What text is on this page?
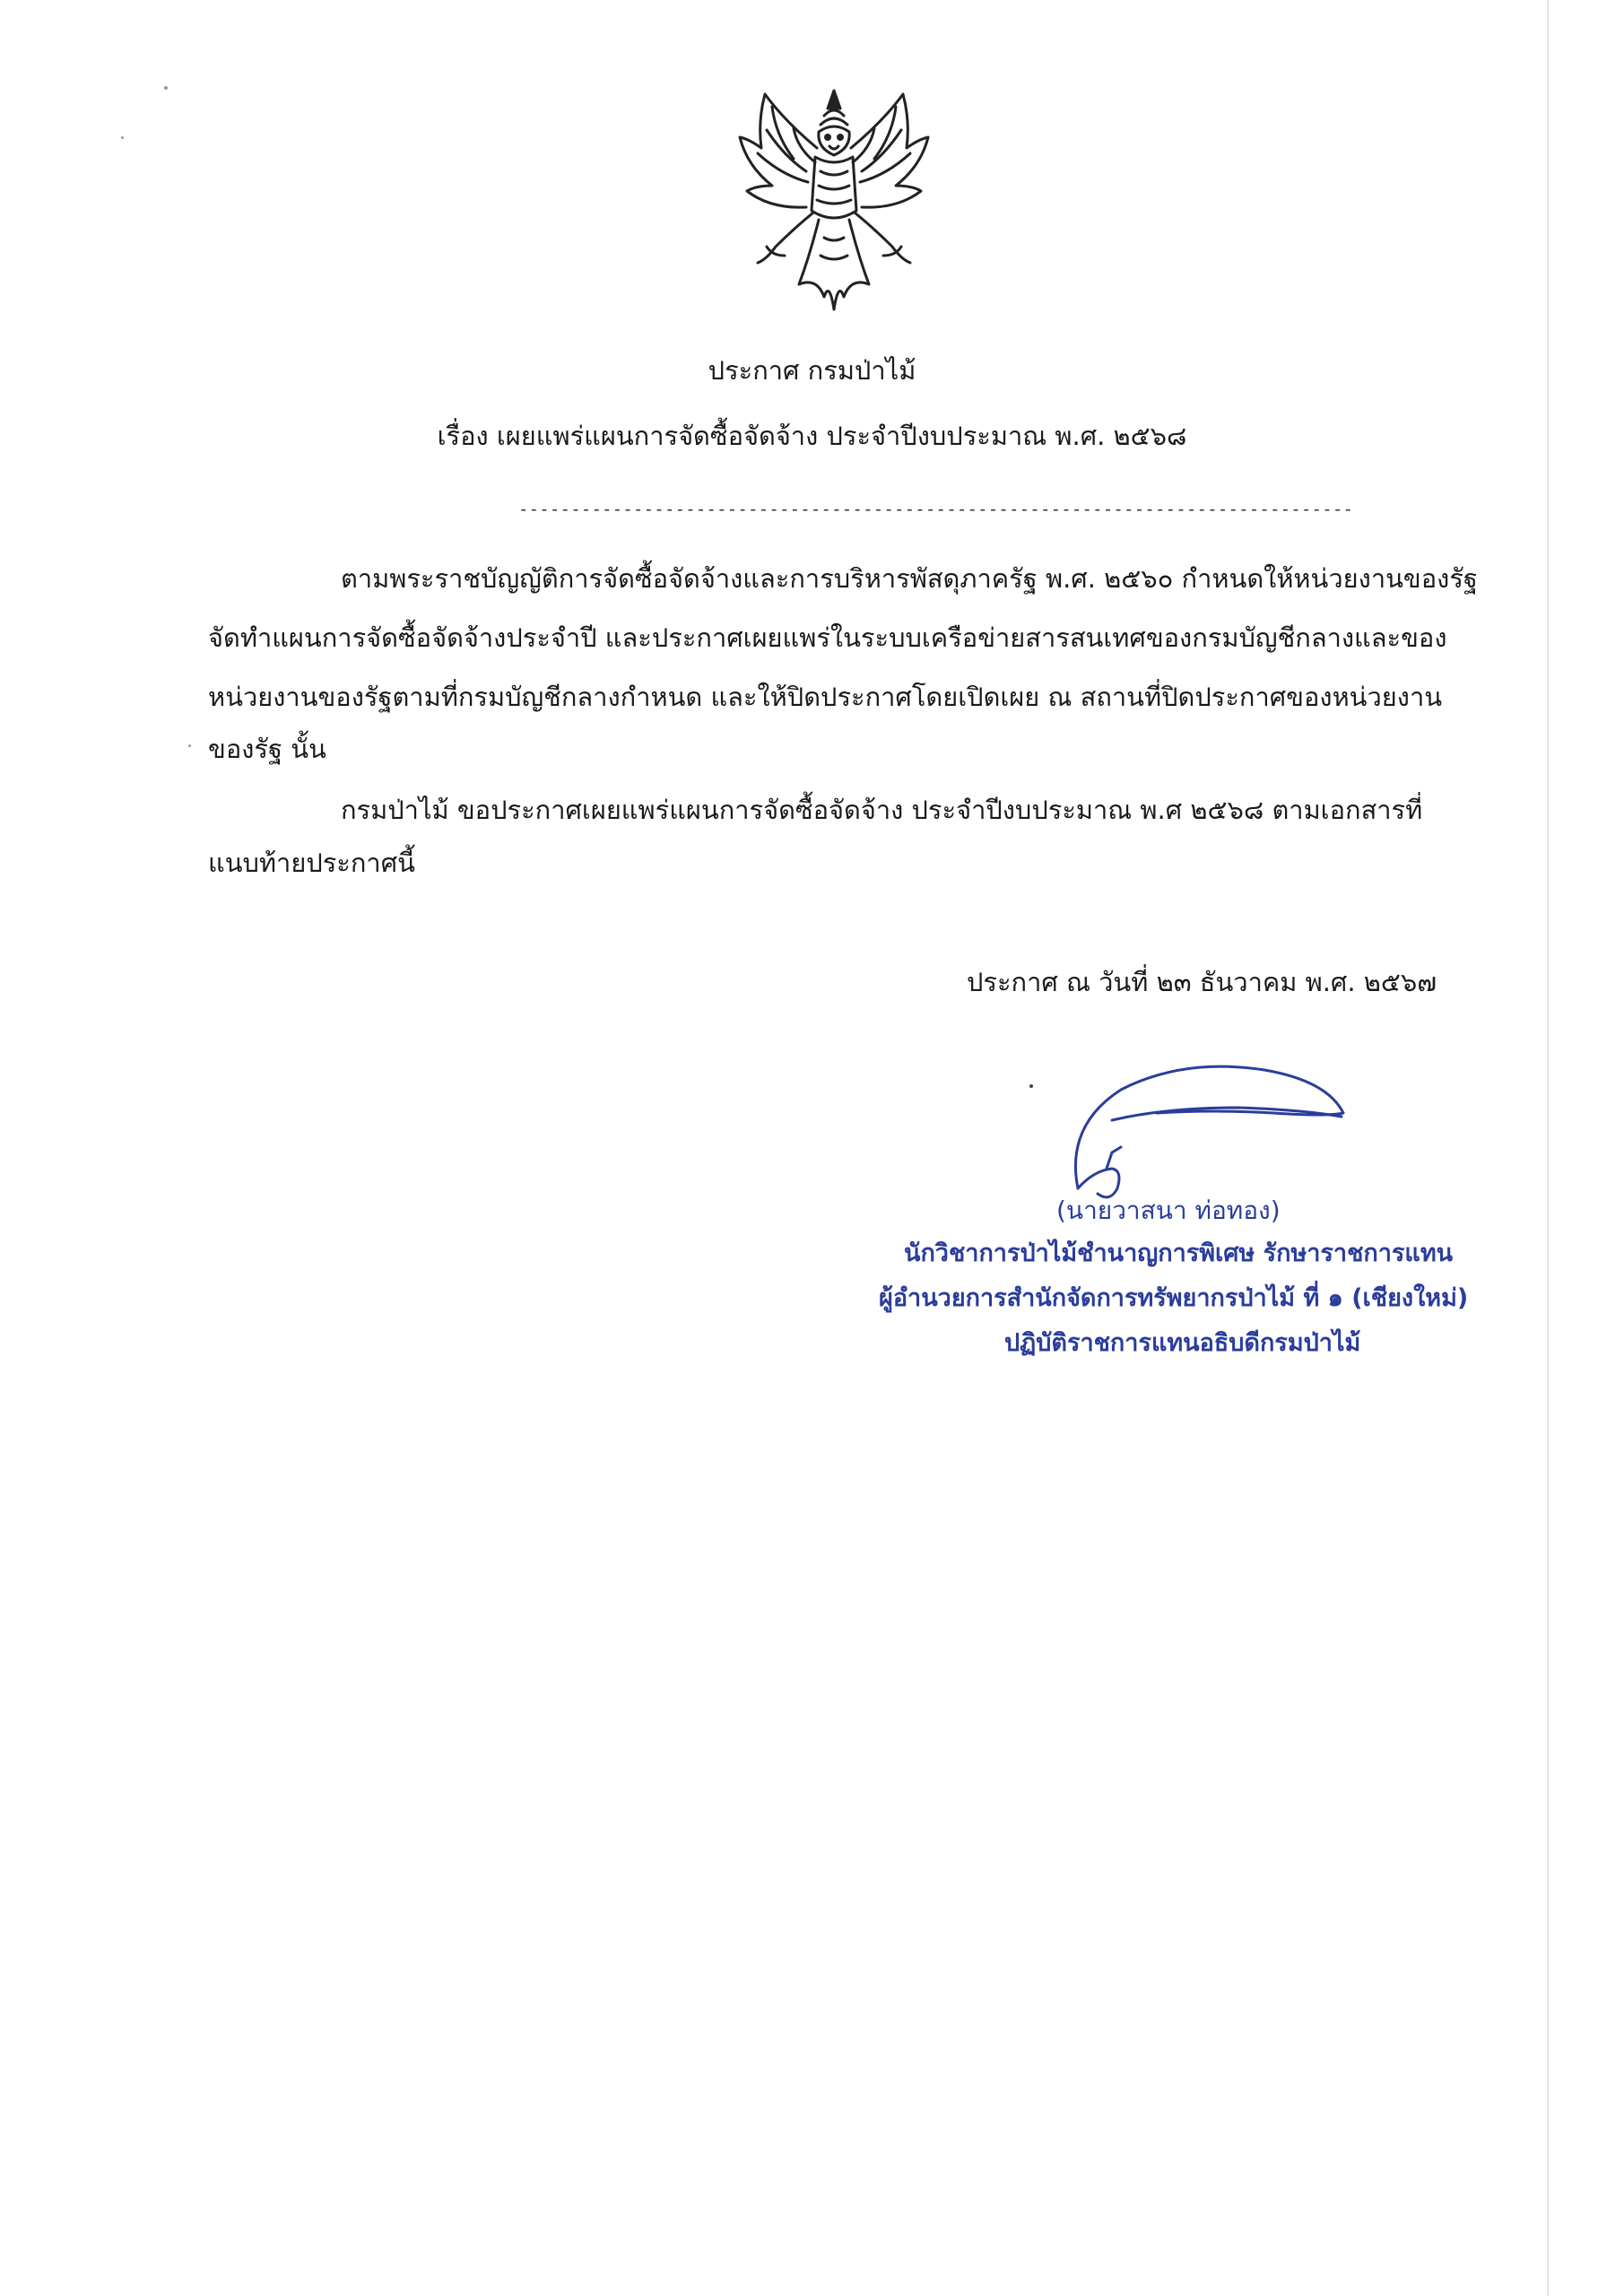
ประกาศ กรมป่าไม้
เรื่อง เผยแพร่แผนการจัดซื้อจัดจ้าง ประจำปีงบประมาณ พ.ศ. ๒๕๖๘
--------------------------------------------------------------------------------
ตามพระราชบัญญัติการจัดซื้อจัดจ้างและการบริหารพัสดุภาครัฐ พ.ศ. ๒๕๖๐ กำหนดให้หน่วยงานของรัฐ
จัดทำแผนการจัดซื้อจัดจ้างประจำปี และประกาศเผยแพร่ในระบบเครือข่ายสารสนเทศของกรมบัญชีกลางและของ
หน่วยงานของรัฐตามที่กรมบัญชีกลางกำหนด และให้ปิดประกาศโดยเปิดเผย ณ สถานที่ปิดประกาศของหน่วยงาน
ของรัฐ นั้น
กรมป่าไม้ ขอประกาศเผยแพร่แผนการจัดซื้อจัดจ้าง ประจำปีงบประมาณ พ.ศ ๒๕๖๘ ตามเอกสารที่
แนบท้ายประกาศนี้
ประกาศ ณ วันที่ ๒๓ ธันวาคม พ.ศ. ๒๕๖๗
(นายวาสนา ท่อทอง)
นักวิชาการป่าไม้ชำนาญการพิเศษ รักษาราชการแทน
ผู้อำนวยการสำนักจัดการทรัพยากรป่าไม้ ที่ ๑ (เชียงใหม่)
ปฏิบัติราชการแทนอธิบดีกรมป่าไม้
